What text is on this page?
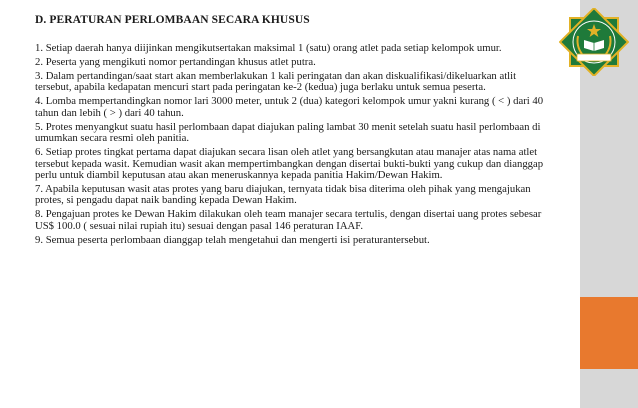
D. PERATURAN PERLOMBAAN SECARA KHUSUS

1. Setiap daerah hanya diijinkan mengikutsertakan maksimal 1 (satu) orang atlet pada setiap kelompok umur.

2. Peserta yang mengikuti nomor pertandingan khusus atlet putra.

3. Dalam pertandingan/saat start akan memberlakukan 1 kali peringatan dan akan diskualifikasi/dikeluarkan atlit tersebut, apabila kedapatan mencuri start pada peringatan ke-2 (kedua) juga berlaku untuk semua peserta.

4. Lomba mempertandingkan nomor lari 3000 meter, untuk 2 (dua) kategori kelompok umur yakni kurang ( < ) dari 40 tahun dan lebih ( > ) dari 40 tahun.

5. Protes menyangkut suatu hasil perlombaan dapat diajukan paling lambat 30 menit setelah suatu hasil perlombaan di umumkan secara resmi oleh panitia.

6. Setiap protes tingkat pertama dapat diajukan secara lisan oleh atlet yang bersangkutan atau manajer atas nama atlet tersebut kepada wasit. Kemudian wasit akan mempertimbangkan dengan disertai bukti-bukti yang cukup dan dianggap perlu untuk diambil keputusan atau akan meneruskannya kepada panitia Hakim/Dewan Hakim.

7. Apabila keputusan wasit atas protes yang baru diajukan, ternyata tidak bisa diterima oleh pihak yang mengajukan protes, si pengadu dapat naik banding kepada Dewan Hakim.

8. Pengajuan protes ke Dewan Hakim dilakukan oleh team manajer secara tertulis, dengan disertai uang protes sebesar US$ 100.0 ( sesuai nilai rupiah itu) sesuai dengan pasal 146 peraturan IAAF.

9. Semua peserta perlombaan dianggap telah mengetahui dan mengerti isi peraturantersebut.
